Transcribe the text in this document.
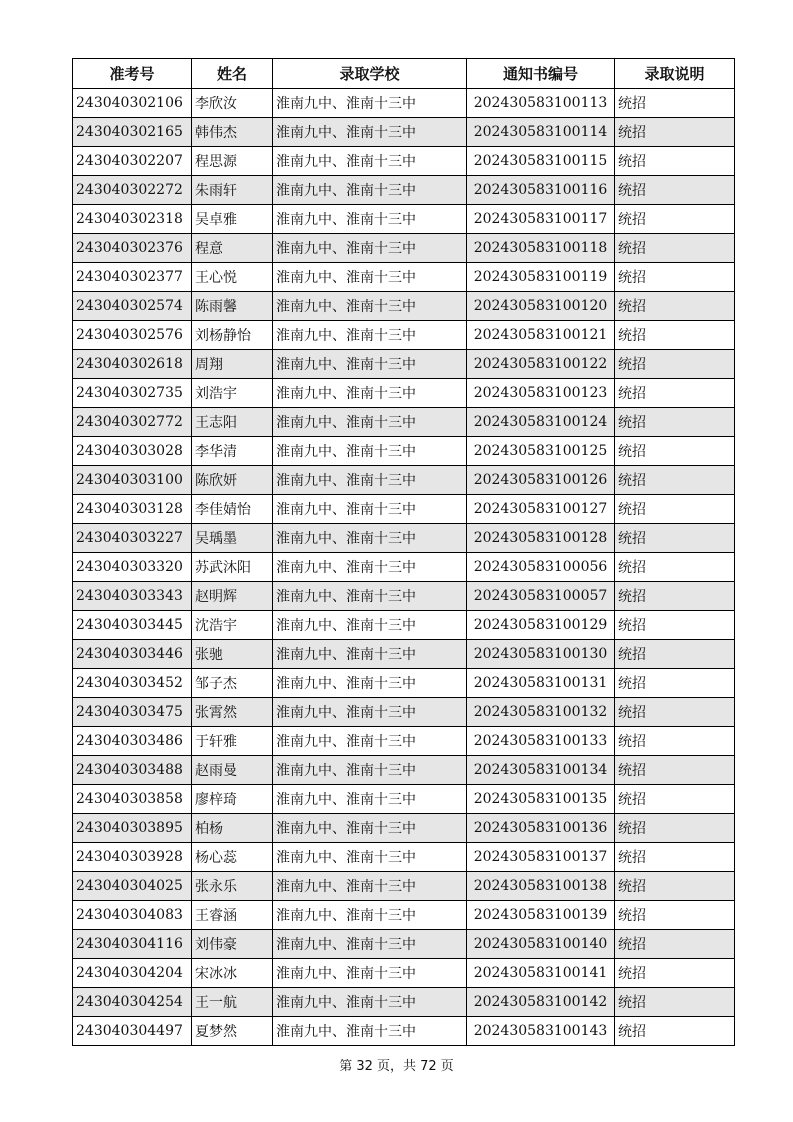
准考号	姓名	录取学校	通知书编号	录取说明
243040302106	李欣汝	淮南九中、淮南十三中	202430583100113	统招
243040302165	韩伟杰	淮南九中、淮南十三中	202430583100114	统招
243040302207	程思源	淮南九中、淮南十三中	202430583100115	统招
243040302272	朱雨轩	淮南九中、淮南十三中	202430583100116	统招
243040302318	吴卓雅	淮南九中、淮南十三中	202430583100117	统招
243040302376	程意	淮南九中、淮南十三中	202430583100118	统招
243040302377	王心悦	淮南九中、淮南十三中	202430583100119	统招
243040302574	陈雨馨	淮南九中、淮南十三中	202430583100120	统招
243040302576	刘杨静怡	淮南九中、淮南十三中	202430583100121	统招
243040302618	周翔	淮南九中、淮南十三中	202430583100122	统招
243040302735	刘浩宇	淮南九中、淮南十三中	202430583100123	统招
243040302772	王志阳	淮南九中、淮南十三中	202430583100124	统招
243040303028	李华清	淮南九中、淮南十三中	202430583100125	统招
243040303100	陈欣妍	淮南九中、淮南十三中	202430583100126	统招
243040303128	李佳婧怡	淮南九中、淮南十三中	202430583100127	统招
243040303227	吴瑀墨	淮南九中、淮南十三中	202430583100128	统招
243040303320	苏武沐阳	淮南九中、淮南十三中	202430583100056	统招
243040303343	赵明辉	淮南九中、淮南十三中	202430583100057	统招
243040303445	沈浩宇	淮南九中、淮南十三中	202430583100129	统招
243040303446	张驰	淮南九中、淮南十三中	202430583100130	统招
243040303452	邹子杰	淮南九中、淮南十三中	202430583100131	统招
243040303475	张霄然	淮南九中、淮南十三中	202430583100132	统招
243040303486	于轩雅	淮南九中、淮南十三中	202430583100133	统招
243040303488	赵雨曼	淮南九中、淮南十三中	202430583100134	统招
243040303858	廖梓琦	淮南九中、淮南十三中	202430583100135	统招
243040303895	柏杨	淮南九中、淮南十三中	202430583100136	统招
243040303928	杨心蕊	淮南九中、淮南十三中	202430583100137	统招
243040304025	张永乐	淮南九中、淮南十三中	202430583100138	统招
243040304083	王睿涵	淮南九中、淮南十三中	202430583100139	统招
243040304116	刘伟豪	淮南九中、淮南十三中	202430583100140	统招
243040304204	宋冰冰	淮南九中、淮南十三中	202430583100141	统招
243040304254	王一航	淮南九中、淮南十三中	202430583100142	统招
243040304497	夏梦然	淮南九中、淮南十三中	202430583100143	统招
第 32 页，共 72 页
